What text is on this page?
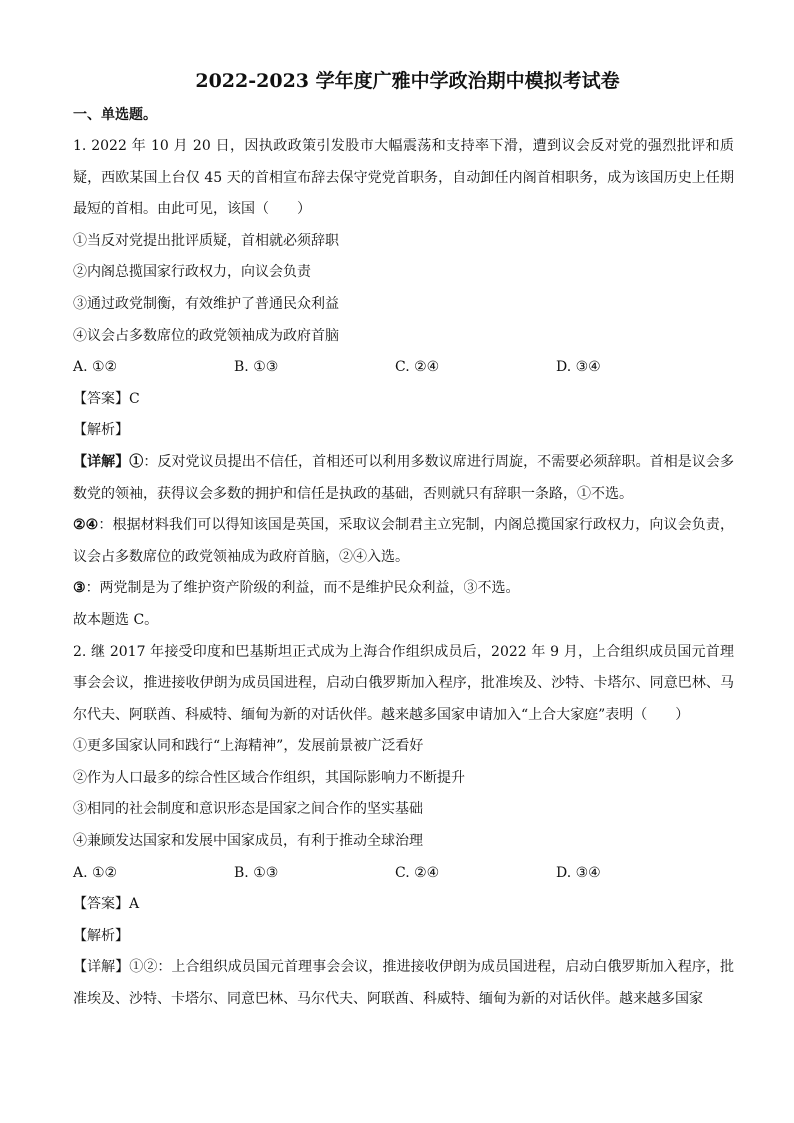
2022-2023 学年度广雅中学政治期中模拟考试卷
一、单选题。
1. 2022 年 10 月 20 日，因执政政策引发股市大幅震荡和支持率下滑，遭到议会反对党的强烈批评和质疑，西欧某国上台仅 45 天的首相宣布辞去保守党党首职务，自动卸任内阁首相职务，成为该国历史上任期最短的首相。由此可见，该国（　　）
①当反对党提出批评质疑，首相就必须辞职
②内阁总揽国家行政权力，向议会负责
③通过政党制衡，有效维护了普通民众利益
④议会占多数席位的政党领袖成为政府首脑
A. ①②	B. ①③	C. ②④	D. ③④
【答案】C
【解析】
【详解】①：反对党议员提出不信任，首相还可以利用多数议席进行周旋，不需要必须辞职。首相是议会多数党的领袖，获得议会多数的拥护和信任是执政的基础，否则就只有辞职一条路，①不选。
②④：根据材料我们可以得知该国是英国，采取议会制君主立宪制，内阁总揽国家行政权力，向议会负责，议会占多数席位的政党领袖成为政府首脑，②④入选。
③：两党制是为了维护资产阶级的利益，而不是维护民众利益，③不选。
故本题选 C。
2. 继 2017 年接受印度和巴基斯坦正式成为上海合作组织成员后，2022 年 9 月，上合组织成员国元首理事会会议，推进接收伊朗为成员国进程，启动白俄罗斯加入程序，批准埃及、沙特、卡塔尔、同意巴林、马尔代夫、阿联酋、科威特、缅甸为新的对话伙伴。越来越多国家申请加入“上合大家庭”表明（　　）
①更多国家认同和践行“上海精神”，发展前景被广泛看好
②作为人口最多的综合性区域合作组织，其国际影响力不断提升
③相同的社会制度和意识形态是国家之间合作的坚实基础
④兼顾发达国家和发展中国家成员，有利于推动全球治理
A. ①②	B. ①③	C. ②④	D. ③④
【答案】A
【解析】
【详解】①②：上合组织成员国元首理事会会议，推进接收伊朗为成员国进程，启动白俄罗斯加入程序，批准埃及、沙特、卡塔尔、同意巴林、马尔代夫、阿联酋、科威特、缅甸为新的对话伙伴。越来越多国家
